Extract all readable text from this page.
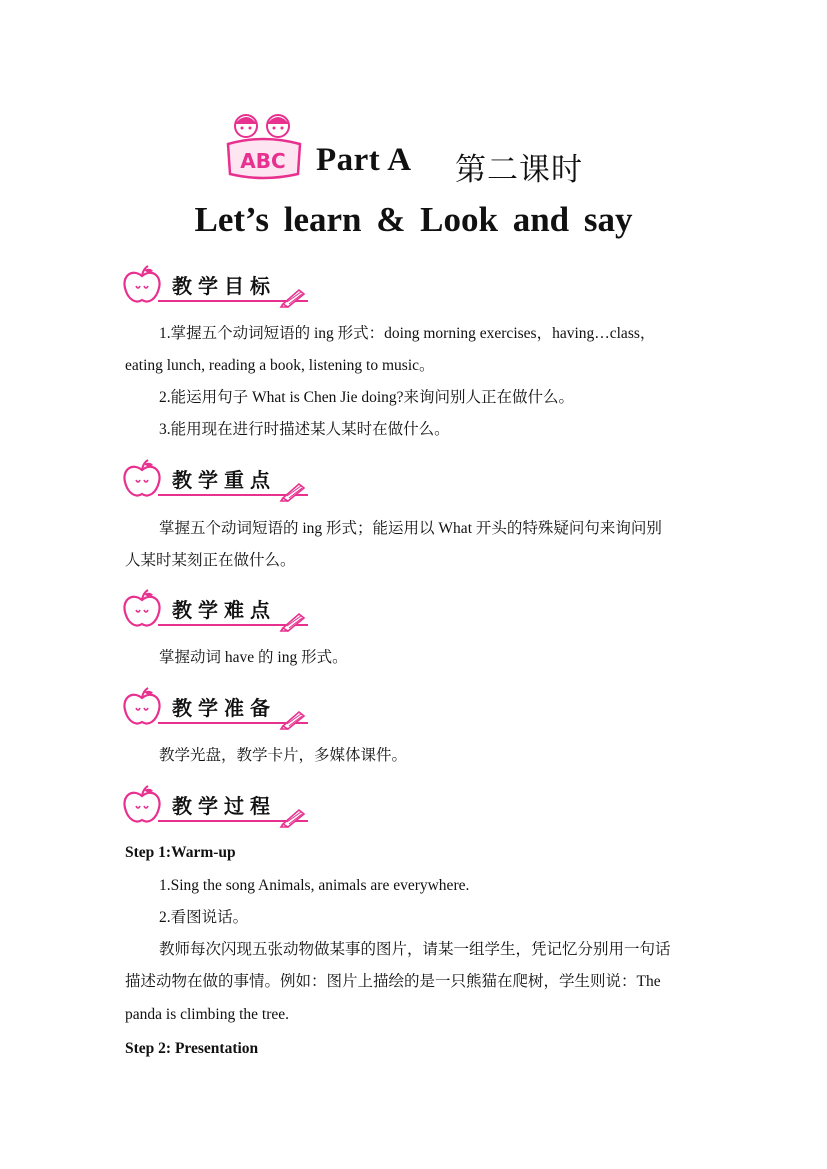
ABC Part A 第二课时
Let’s learn & Look and say
教学目标
1.掌握五个动词短语的 ing 形式：doing morning exercises，having…class，
eating lunch, reading a book, listening to music。
2.能运用句子 What is Chen Jie doing?来询问别人正在做什么。
3.能用现在进行时描述某人某时在做什么。
教学重点
掌握五个动词短语的 ing 形式；能运用以 What 开头的特殊疑问句来询问别
人某时某刻正在做什么。
教学难点
掌握动词 have 的 ing 形式。
教学准备
教学光盘，教学卡片，多媒体课件。
教学过程
Step 1:Warm-up
1.Sing the song Animals, animals are everywhere.
2.看图说话。
教师每次闪现五张动物做某事的图片，请某一组学生，凭记忆分别用一句话
描述动物在做的事情。例如：图片上描绘的是一只熊猫在爬树，学生则说：The
panda is climbing the tree.
Step 2: Presentation
